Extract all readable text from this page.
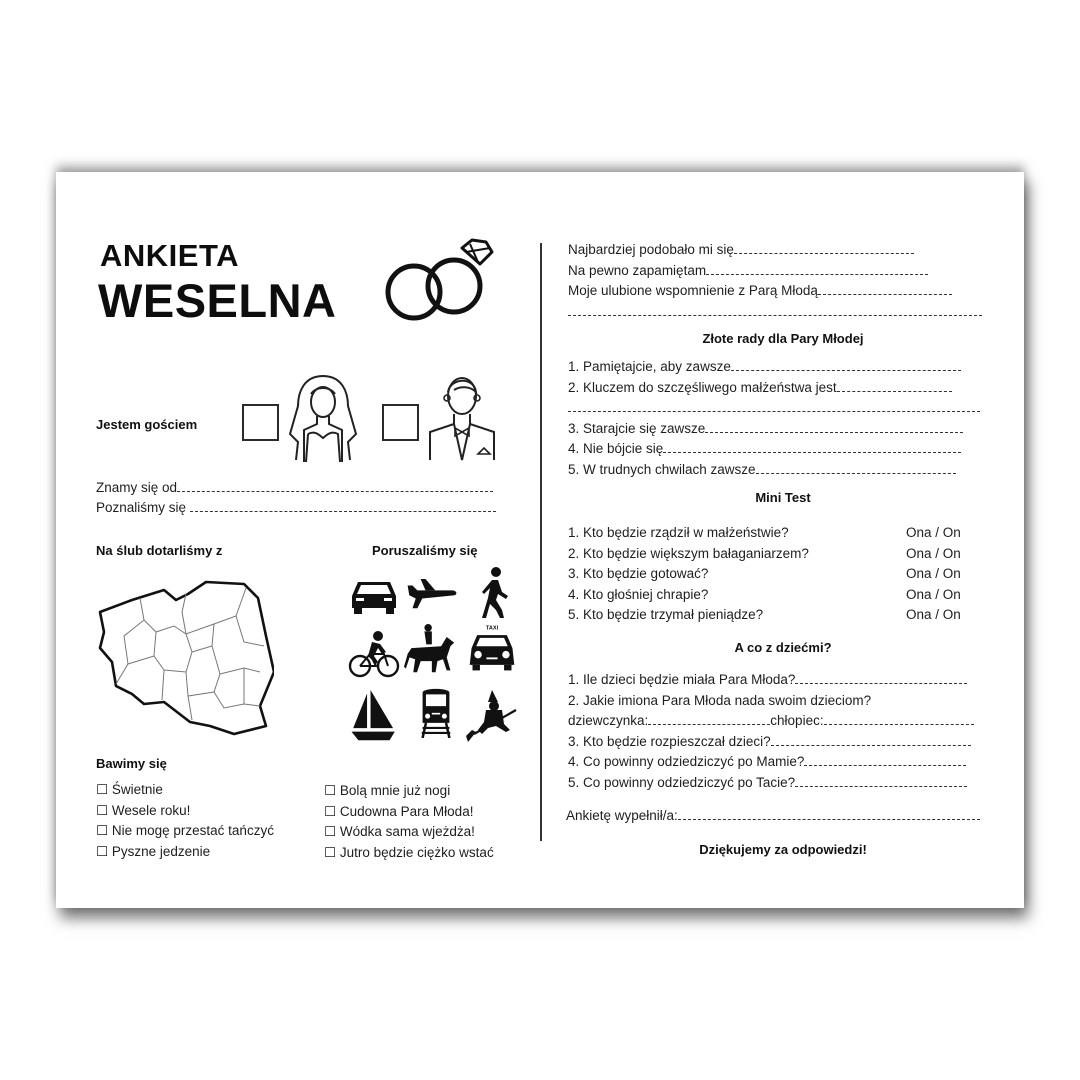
ANKIETA
WESELNA
Jestem gościem
Znamy się od
Poznaliśmy się
Na ślub dotarliśmy z	Poruszaliśmy się
TAXI
Bawimy się
☐ Świetnie
☐ Wesele roku!
☐ Nie mogę przestać tańczyć
☐ Pyszne jedzenie
☐ Bolą mnie już nogi
☐ Cudowna Para Młoda!
☐ Wódka sama wjeżdża!
☐ Jutro będzie ciężko wstać
Najbardziej podobało mi się
Na pewno zapamiętam
Moje ulubione wspomnienie z Parą Młodą
Złote rady dla Pary Młodej
1. Pamiętajcie, aby zawsze
2. Kluczem do szczęśliwego małżeństwa jest
3. Starajcie się zawsze
4. Nie bójcie się
5. W trudnych chwilach zawsze
Mini Test
1. Kto będzie rządził w małżeństwie?	Ona / On
2. Kto będzie większym bałaganiarzem?	Ona / On
3. Kto będzie gotować?	Ona / On
4. Kto głośniej chrapie?	Ona / On
5. Kto będzie trzymał pieniądze?	Ona / On
A co z dziećmi?
1. Ile dzieci będzie miała Para Młoda?
2. Jakie imiona Para Młoda nada swoim dzieciom?
dziewczynka:	chłopiec:
3. Kto będzie rozpieszczał dzieci?
4. Co powinny odziedziczyć po Mamie?
5. Co powinny odziedziczyć po Tacie?
Ankietę wypełnił/a:
Dziękujemy za odpowiedzi!
